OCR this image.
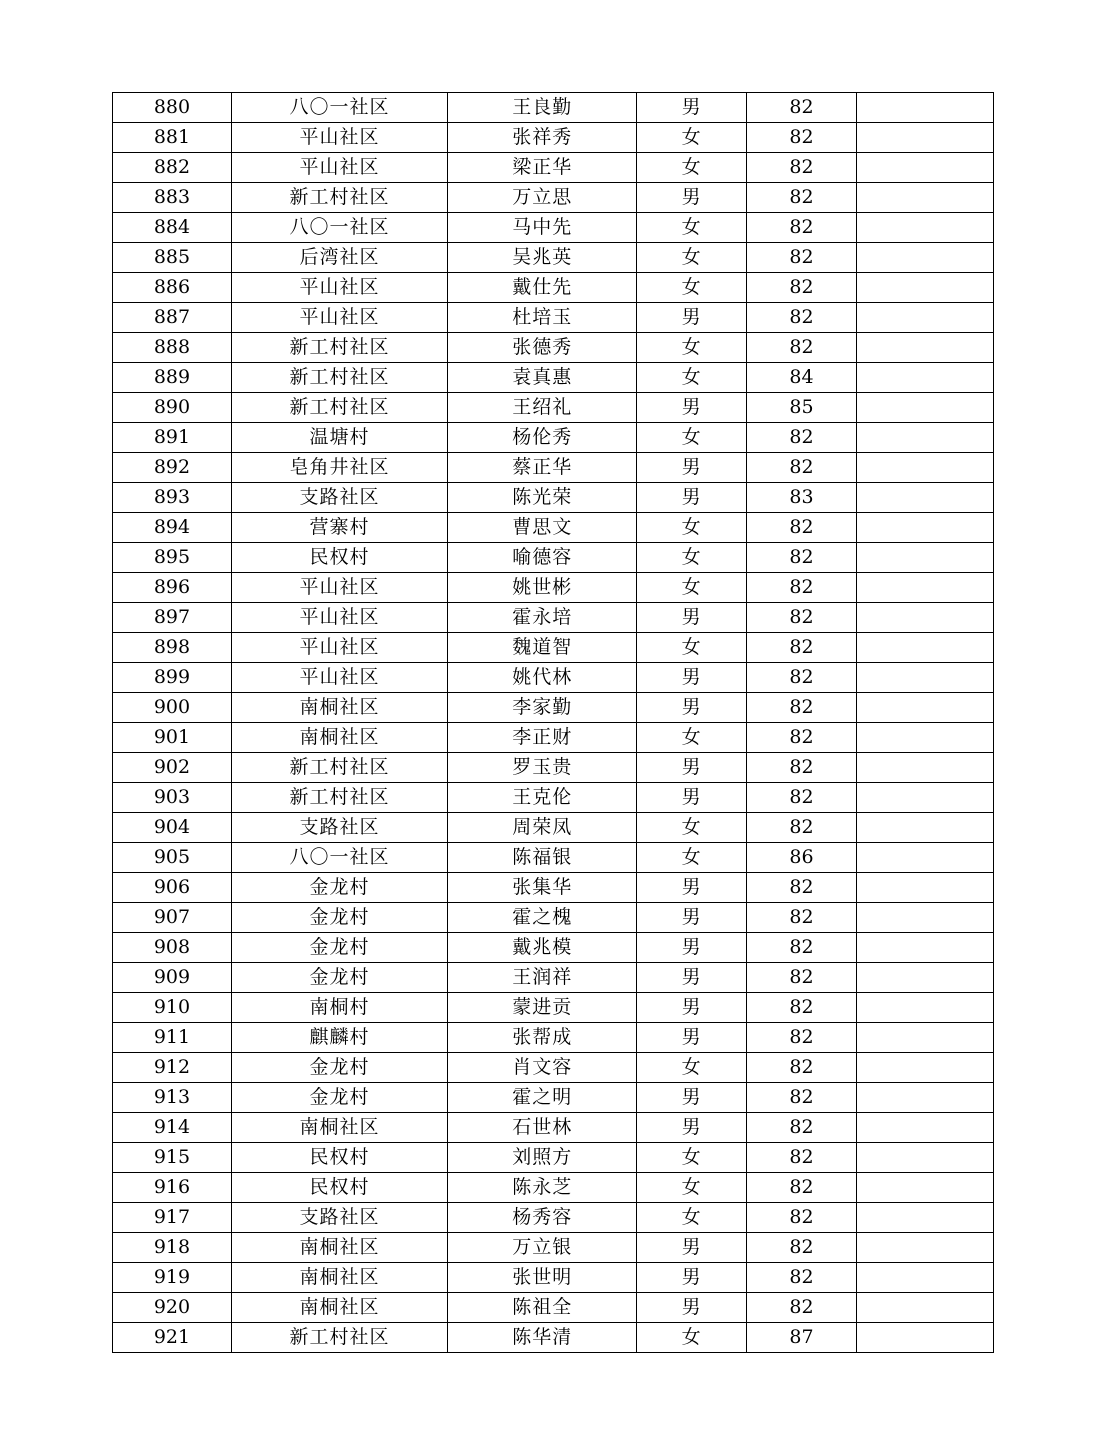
880	八〇一社区	王良勤	男	82	
881	平山社区	张祥秀	女	82	
882	平山社区	梁正华	女	82	
883	新工村社区	万立思	男	82	
884	八〇一社区	马中先	女	82	
885	后湾社区	吴兆英	女	82	
886	平山社区	戴仕先	女	82	
887	平山社区	杜培玉	男	82	
888	新工村社区	张德秀	女	82	
889	新工村社区	袁真惠	女	84	
890	新工村社区	王绍礼	男	85	
891	温塘村	杨伦秀	女	82	
892	皂角井社区	蔡正华	男	82	
893	支路社区	陈光荣	男	83	
894	营寨村	曹思文	女	82	
895	民权村	喻德容	女	82	
896	平山社区	姚世彬	女	82	
897	平山社区	霍永培	男	82	
898	平山社区	魏道智	女	82	
899	平山社区	姚代林	男	82	
900	南桐社区	李家勤	男	82	
901	南桐社区	李正财	女	82	
902	新工村社区	罗玉贵	男	82	
903	新工村社区	王克伦	男	82	
904	支路社区	周荣凤	女	82	
905	八〇一社区	陈福银	女	86	
906	金龙村	张集华	男	82	
907	金龙村	霍之槐	男	82	
908	金龙村	戴兆模	男	82	
909	金龙村	王润祥	男	82	
910	南桐村	蒙进贡	男	82	
911	麒麟村	张帮成	男	82	
912	金龙村	肖文容	女	82	
913	金龙村	霍之明	男	82	
914	南桐社区	石世林	男	82	
915	民权村	刘照方	女	82	
916	民权村	陈永芝	女	82	
917	支路社区	杨秀容	女	82	
918	南桐社区	万立银	男	82	
919	南桐社区	张世明	男	82	
920	南桐社区	陈祖全	男	82	
921	新工村社区	陈华清	女	87	
